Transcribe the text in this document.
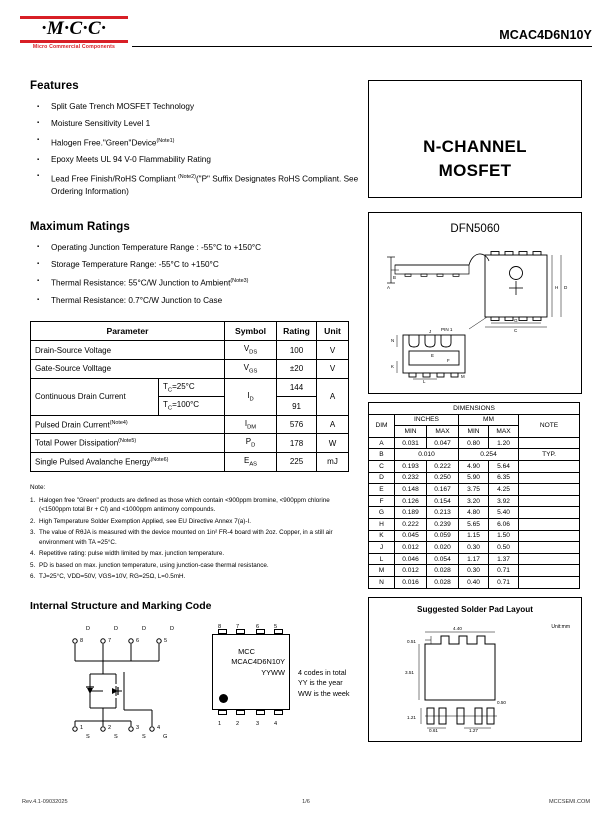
·M·C·C·
Micro Commercial Components
MCAC4D6N10Y
Features
▪ Split Gate Trench MOSFET Technology
▪ Moisture Sensitivity Level 1
▪ Halogen Free."Green"Device$^{(Note1)}$
▪ Epoxy Meets UL 94 V-0 Flammability Rating
▪ Lead Free Finish/RoHS Compliant $^{(Note2)}$("P" Suffix Designates RoHS Compliant. See Ordering Information)
Maximum Ratings
▪ Operating Junction Temperature Range : -55°C to +150°C
▪ Storage Temperature Range: -55°C to +150°C
▪ Thermal Resistance: 55°C/W Junction to Ambient$^{(Note3)}$
▪ Thermal Resistance: 0.7°C/W Junction to Case
Parameter		Symbol	Rating	Unit
Drain-Source Voltage		$V_{DS}$	100	V
Gate-Source Volltage		$V_{GS}$	±20	V
Continuous Drain Current	$T_C=25^\circ C$	$I_D$	144	A
	$T_C=100^\circ C$		91	
Pulsed Drain Current$^{(Note4)}$		$I_{DM}$	576	A
Total Power Dissipation$^{(Note5)}$		$P_D$	178	W
Single Pulsed Avalanche Energy$^{(Note6)}$		$E_{AS}$	225	mJ
Note:
Halogen free "Green" products are defined as those which contain <900ppm bromine, <900ppm chlorine (<1500ppm total Br + Cl) and <1000ppm antimony compounds.
High Temperature Solder Exemption Applied, see EU Directive Annex 7(a)-I.
The value of RθJA is measured with the device mounted on 1in² FR-4 board with 2oz. Copper, in a still air environment with TA =25°C.
Repetitive rating: pulse width limited by max. junction temperature.
PD is based on max. junction temperature, using junction-case thermal resistance.
TJ=25°C, VDD=50V, VGS=10V, RG=25Ω, L=0.5mH.
Internal Structure and Marking Code
8	7	6	5
D	D	D	D
1	2	3	4
S	S	S	G
MCC
MCAC4D6N10Y
YYWW
8	7	6	5
1	2	3	4
4 codes in total
YY is the year
WW is the week
N-CHANNEL
MOSFET
DFN5060
B
A	H D
G
C
PIN 1
N
K
E
F
L
J
M
DIMENSIONS					
DIM	INCHES		MM		NOTE
	MIN	MAX	MIN	MAX	
A	0.031	0.047	0.80	1.20	
B	0.010		0.254		TYP.
C	0.193	0.222	4.90	5.64	
D	0.232	0.250	5.90	6.35	
E	0.148	0.167	3.75	4.25	
F	0.126	0.154	3.20	3.92	
G	0.189	0.213	4.80	5.40	
H	0.222	0.239	5.65	6.06	
K	0.045	0.059	1.15	1.50	
J	0.012	0.020	0.30	0.50	
L	0.046	0.054	1.17	1.37	
M	0.012	0.028	0.30	0.71	
N	0.016	0.028	0.40	0.71	
Suggested Solder Pad Layout
Unit:mm
4.40
0.51
3.51
0.50
1.21
0.61	1.27
Rev.4.1-09032025	1/6	MCCSEMI.COM
